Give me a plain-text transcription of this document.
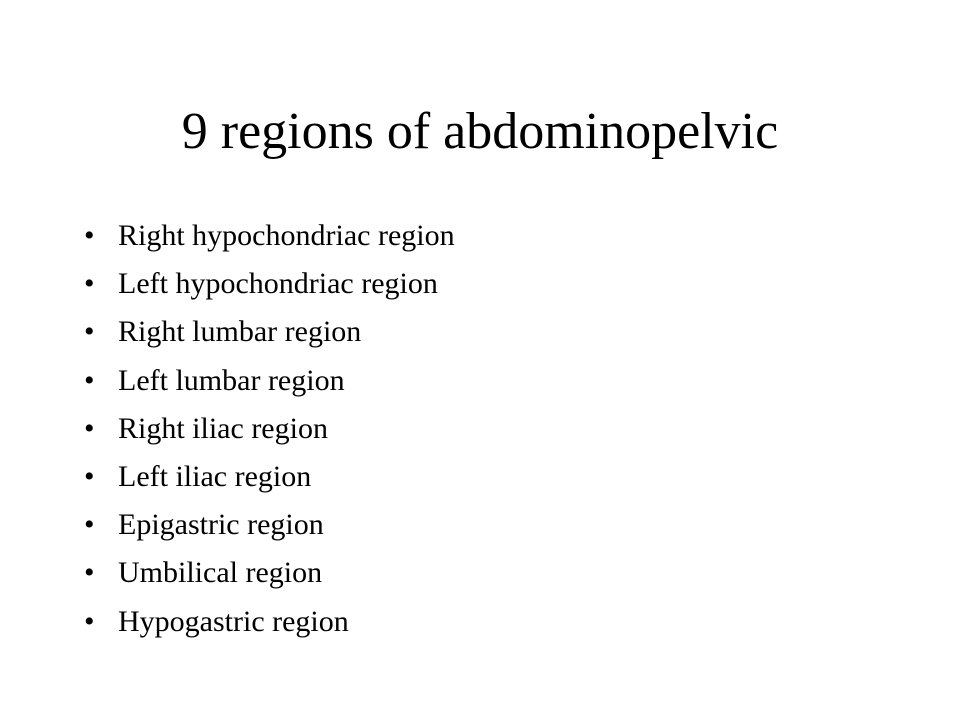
9 regions of abdominopelvic
• Right hypochondriac region
• Left hypochondriac region
• Right lumbar region
• Left lumbar region
• Right iliac region
• Left iliac region
• Epigastric region
• Umbilical region
• Hypogastric region
